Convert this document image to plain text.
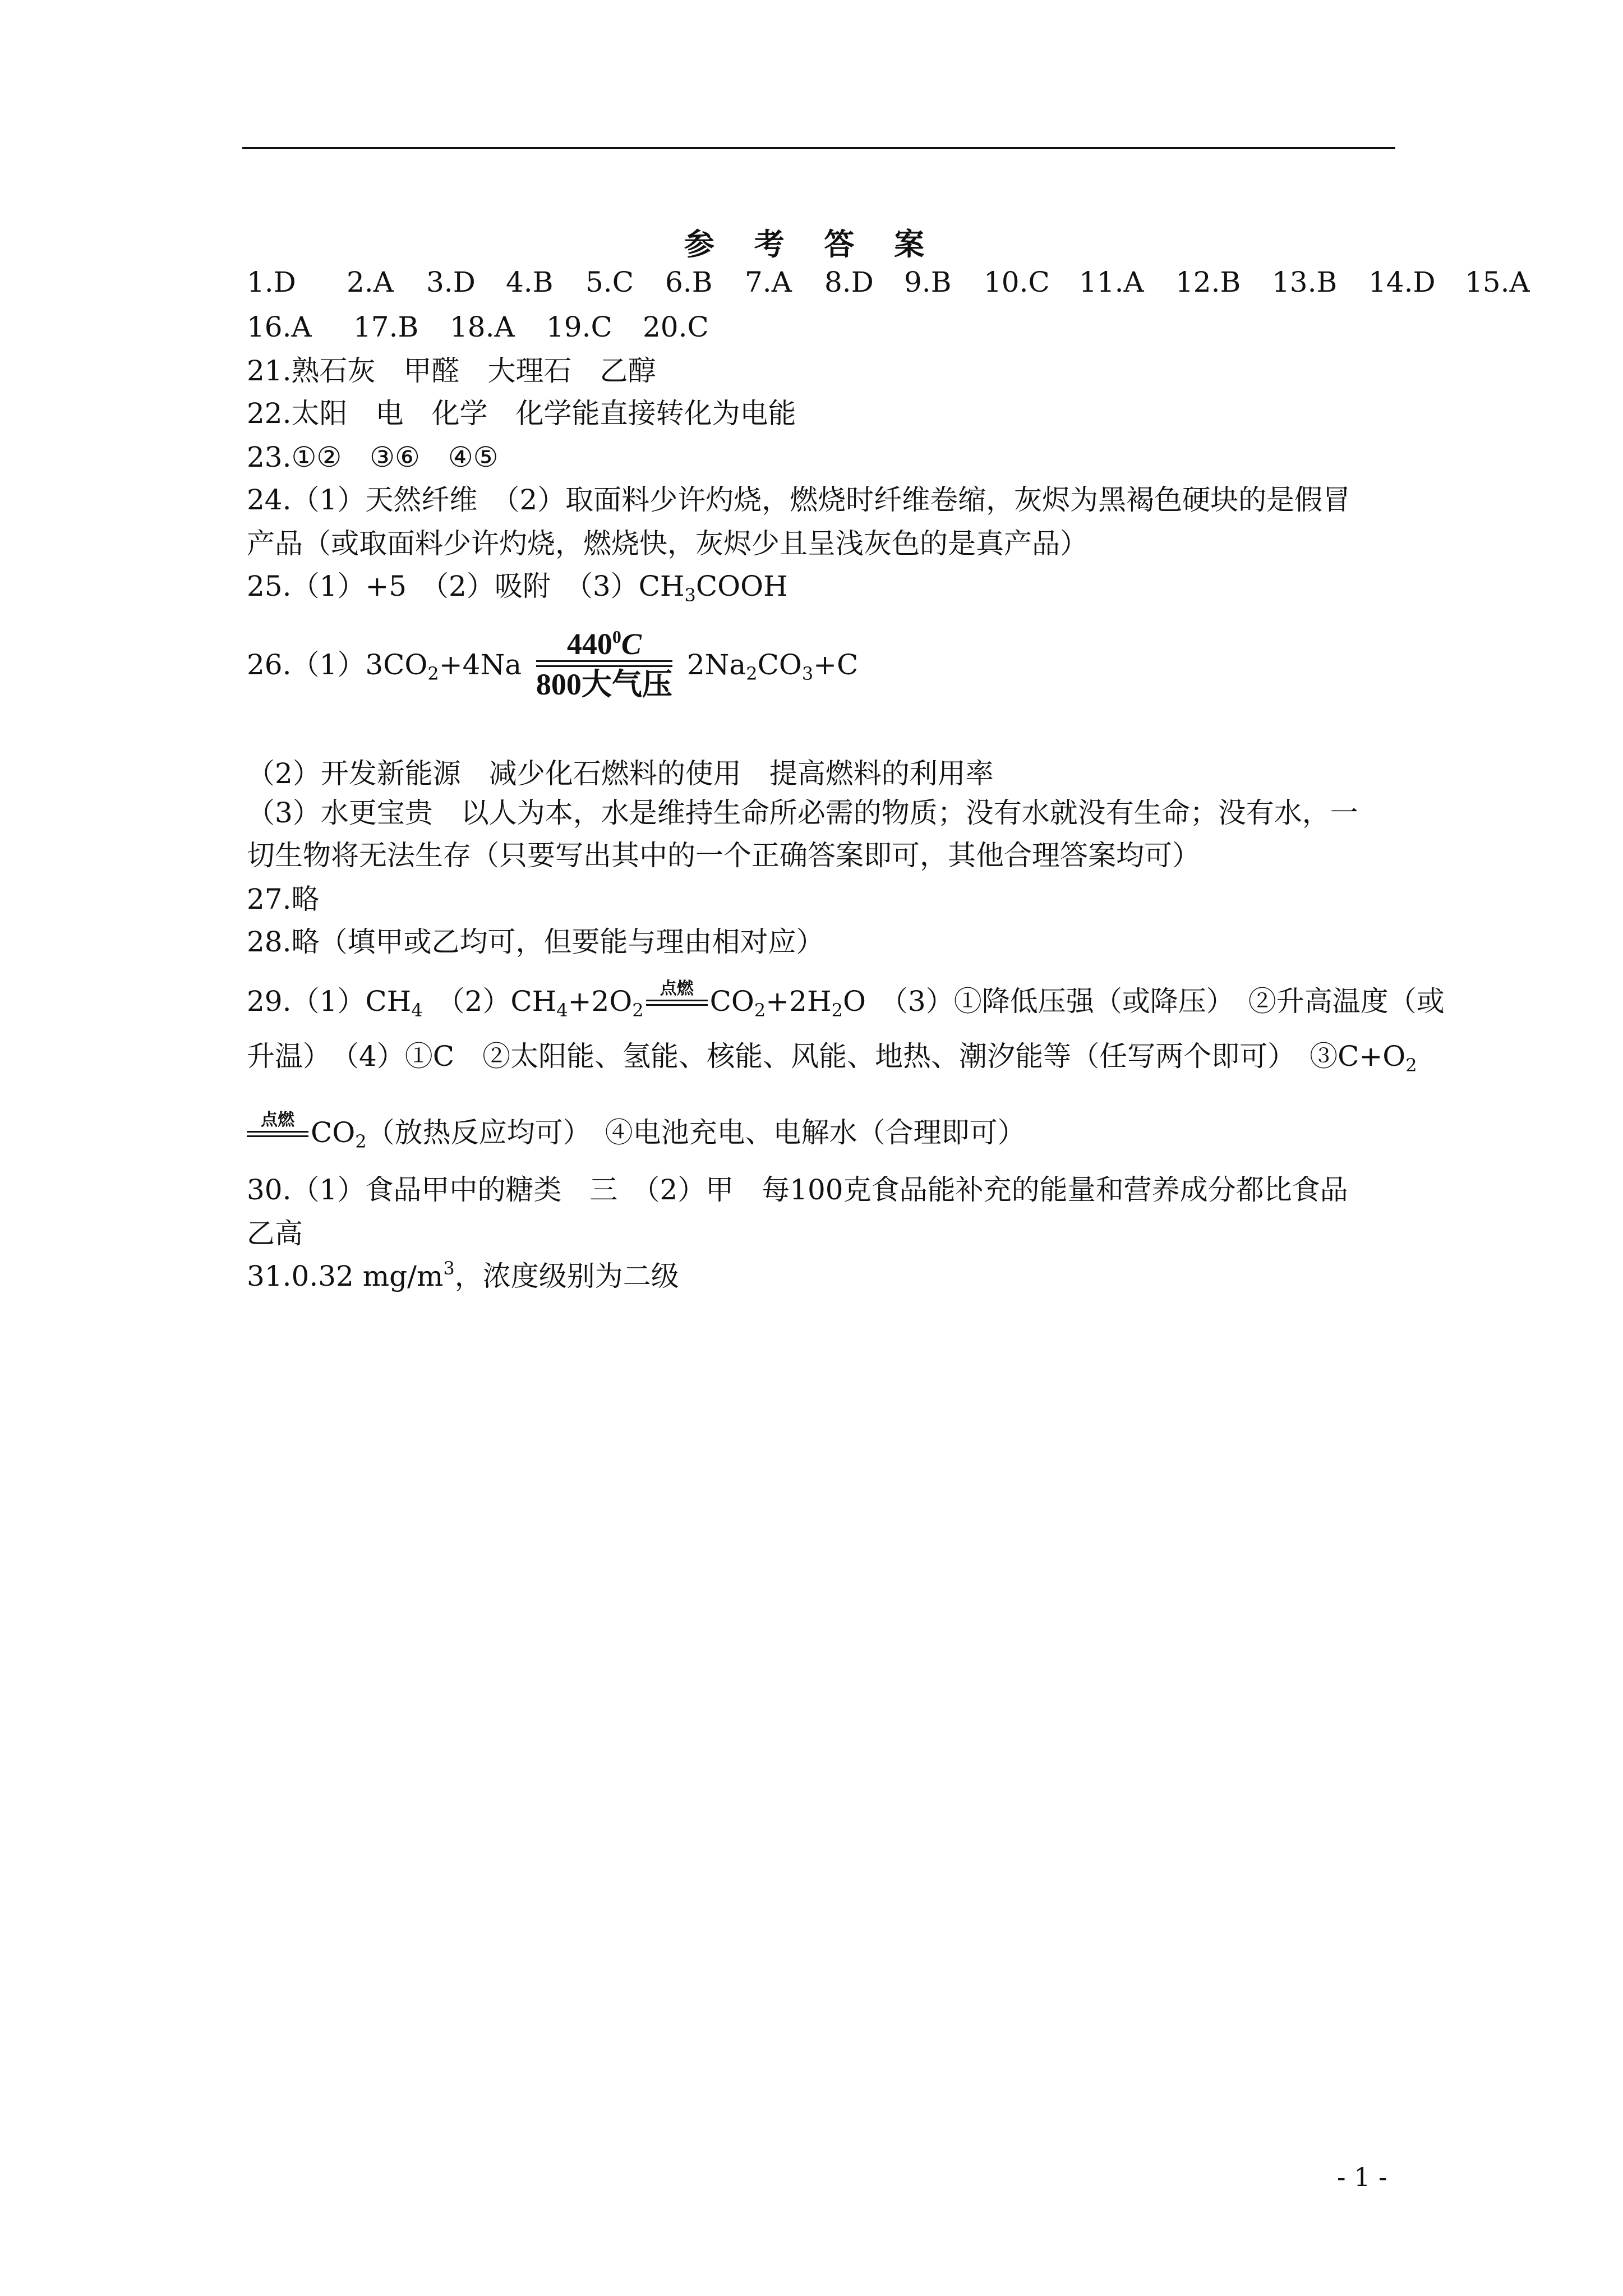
参 考 答 案
1.D 2.A 3.D 4.B 5.C 6.B 7.A 8.D 9.B 10.C 11.A 12.B 13.B 14.D 15.A
16.A 17.B 18.A 19.C 20.C
21.熟石灰　甲醛　大理石　乙醇
22.太阳　电　化学　化学能直接转化为电能
23.①②　③⑥　④⑤
24.（1）天然纤维　（2）取面料少许灼烧，燃烧时纤维卷缩，灰烬为黑褐色硬块的是假冒
产品（或取面料少许灼烧，燃烧快，灰烬少且呈浅灰色的是真产品）
25.（1）+5　（2）吸附　$(3)CH_3COOH$
$26.(1)3CO_2+4Na$
$440^0C$
800大气压
$2Na_2CO_3+C$
（2）开发新能源　减少化石燃料的使用　提高燃料的利用率
（3）水更宝贵　以人为本，水是维持生命所必需的物质；没有水就没有生命；没有水，一
切生物将无法生存（只要写出其中的一个正确答案即可，其他合理答案均可）
27.略
28.略（填甲或乙均可，但要能与理由相对应）
$29.(1)CH_4$　$(2)CH_4+2O_2$
点燃 $CO_2+2H_2O$　（3）①降低压强（或降压）　②升高温度（或
升温）　（4）①C　②太阳能、氢能、核能、风能、地热、潮汐能等（任写两个即可）　$③C+O_2$
点燃 $CO_2$（放热反应均可）　④电池充电、电解水（合理即可）
30.（1）食品甲中的糖类　三　（2）甲　每100克食品能补充的能量和营养成分都比食品
乙高
31.0.32 $mg/m^3$，浓度级别为二级
- 1 -
